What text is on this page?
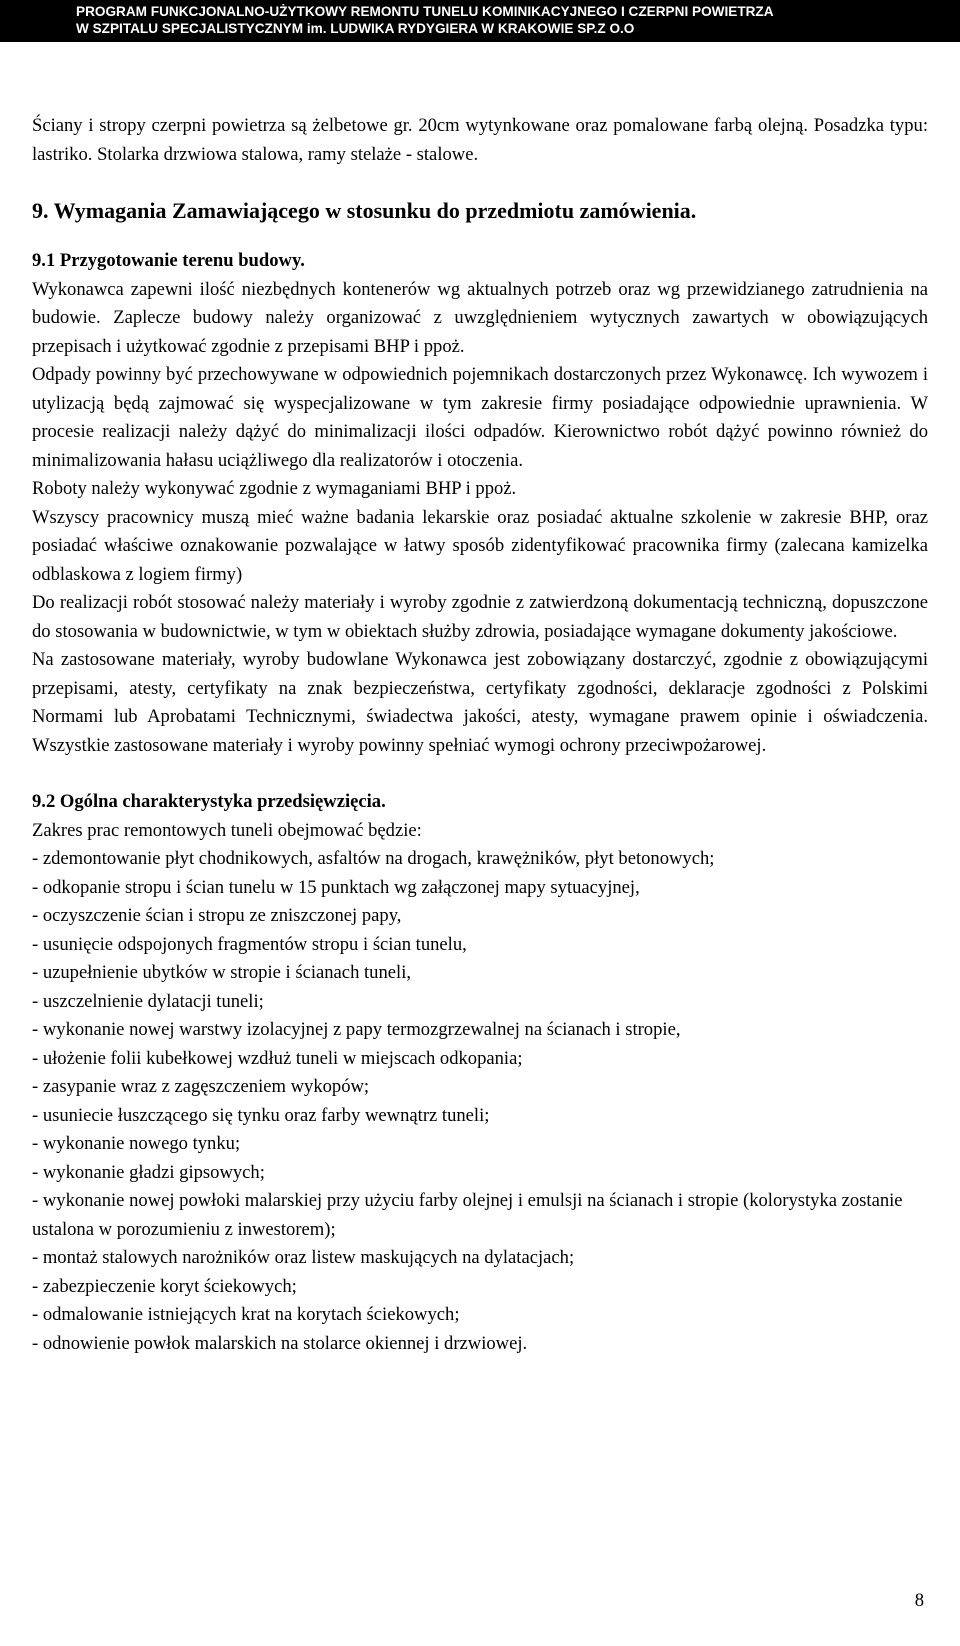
PROGRAM FUNKCJONALNO-UŻYTKOWY REMONTU TUNELU KOMINIKACYJNEGO I CZERPNI POWIETRZA
W SZPITALU SPECJALISTYCZNYM im. LUDWIKA RYDYGIERA W KRAKOWIE SP.Z O.O

Ściany i stropy czerpni powietrza są żelbetowe gr. 20cm wytynkowane oraz pomalowane farbą olejną. Posadzka typu: lastriko. Stolarka drzwiowa stalowa, ramy stelaże - stalowe.

9. Wymagania Zamawiającego w stosunku do przedmiotu zamówienia.

9.1 Przygotowanie terenu budowy.

Wykonawca zapewni ilość niezbędnych kontenerów wg aktualnych potrzeb oraz wg przewidzianego zatrudnienia na budowie. Zaplecze budowy należy organizować z uwzględnieniem wytycznych zawartych w obowiązujących przepisach i użytkować zgodnie z przepisami BHP i ppoż.

Odpady powinny być przechowywane w odpowiednich pojemnikach dostarczonych przez Wykonawcę. Ich wywozem i utylizacją będą zajmować się wyspecjalizowane w tym zakresie firmy posiadające odpowiednie uprawnienia. W procesie realizacji należy dążyć do minimalizacji ilości odpadów. Kierownictwo robót dążyć powinno również do minimalizowania hałasu uciążliwego dla realizatorów i otoczenia.

Roboty należy wykonywać zgodnie z wymaganiami BHP i ppoż.

Wszyscy pracownicy muszą mieć ważne badania lekarskie oraz posiadać aktualne szkolenie w zakresie BHP, oraz posiadać właściwe oznakowanie pozwalające w łatwy sposób zidentyfikować pracownika firmy (zalecana kamizelka odblaskowa z logiem firmy)

Do realizacji robót stosować należy materiały i wyroby zgodnie z zatwierdzoną dokumentacją techniczną, dopuszczone do stosowania w budownictwie, w tym w obiektach służby zdrowia, posiadające wymagane dokumenty jakościowe.

Na zastosowane materiały, wyroby budowlane Wykonawca jest zobowiązany dostarczyć, zgodnie z obowiązującymi przepisami, atesty, certyfikaty na znak bezpieczeństwa, certyfikaty zgodności, deklaracje zgodności z Polskimi Normami lub Aprobatami Technicznymi, świadectwa jakości, atesty, wymagane prawem opinie i oświadczenia. Wszystkie zastosowane materiały i wyroby powinny spełniać wymogi ochrony przeciwpożarowej.

9.2 Ogólna charakterystyka przedsięwzięcia.

Zakres prac remontowych tuneli obejmować będzie:

- zdemontowanie płyt chodnikowych, asfaltów na drogach, krawężników, płyt betonowych;
- odkopanie stropu i ścian tunelu w 15 punktach wg załączonej mapy sytuacyjnej,
- oczyszczenie ścian i stropu ze zniszczonej papy,
- usunięcie odspojonych fragmentów stropu i ścian tunelu,
- uzupełnienie ubytków w stropie i ścianach tuneli,
- uszczelnienie dylatacji tuneli;
- wykonanie nowej warstwy izolacyjnej z papy termozgrzewalnej na ścianach i stropie,
- ułożenie folii kubełkowej wzdłuż tuneli w miejscach odkopania;
- zasypanie wraz z zagęszczeniem wykopów;
- usuniecie łuszczącego się tynku oraz farby wewnątrz tuneli;
- wykonanie nowego tynku;
- wykonanie gładzi gipsowych;
- wykonanie nowej powłoki malarskiej przy użyciu farby olejnej i emulsji na ścianach i stropie (kolorystyka zostanie ustalona w porozumieniu z inwestorem);
- montaż stalowych narożników oraz listew maskujących na dylatacjach;
- zabezpieczenie koryt ściekowych;
- odmalowanie istniejących krat na korytach ściekowych;
- odnowienie powłok malarskich na stolarce okiennej i drzwiowej.
8
